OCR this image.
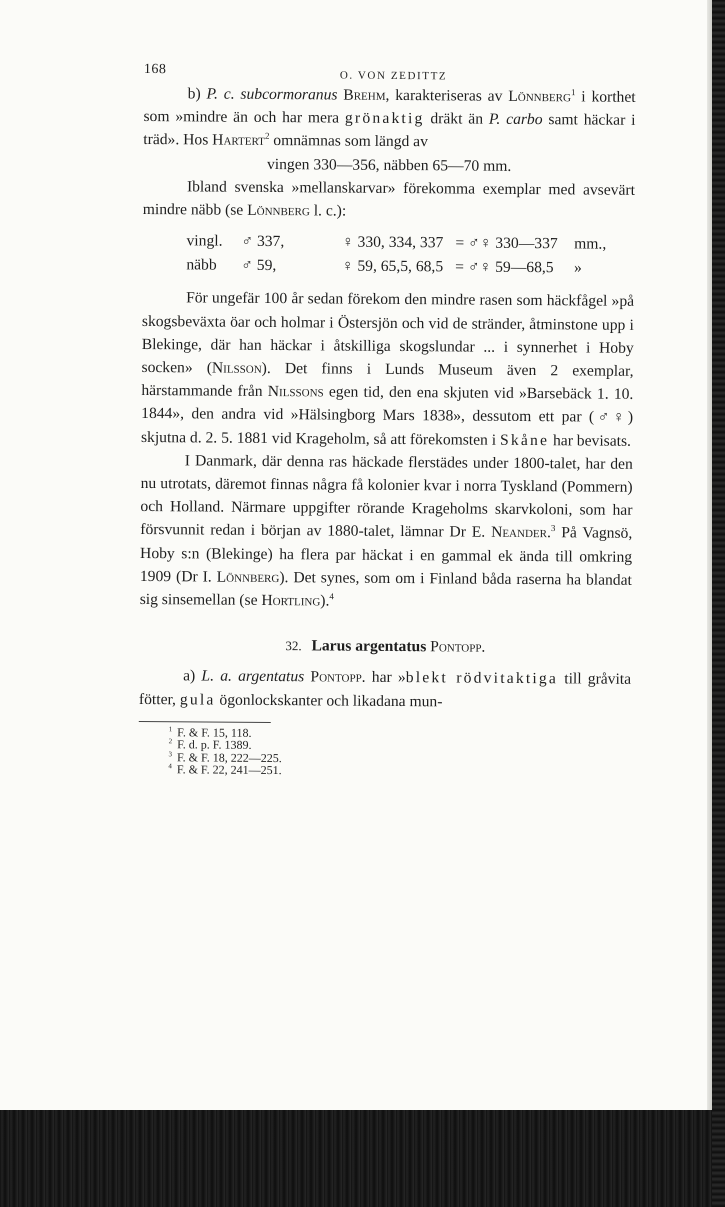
168	O. VON ZEDITTZ

b) P. c. subcormoranus Brehm, karakteriseras av Lönnberg$^1$ i korthet som »mindre än och har mera grönaktig dräkt än P. carbo samt häckar i träd». Hos Hartert$^2$ omnämnas som längd av

vingen 330—356, näbben 65—70 mm.

Ibland svenska »mellanskarvar» förekomma exemplar med avsevärt mindre näbb (se Lönnberg l. c.):

vingl.	♂ 337,	♀ 330, 334, 337 = ♂♀ 330—337	mm.,
näbb	♂ 59,	♀ 59, 65,5, 68,5 = ♂♀ 59—68,5	»

För ungefär 100 år sedan förekom den mindre rasen som häckfågel »på skogsbeväxta öar och holmar i Östersjön och vid de stränder, åtminstone upp i Blekinge, där han häckar i åtskilliga skogslundar ... i synnerhet i Hoby socken» (Nilsson). Det finns i Lunds Museum även 2 exemplar, härstammande från Nilssons egen tid, den ena skjuten vid »Barsebäck 1. 10. 1844», den andra vid »Hälsingborg Mars 1838», dessutom ett par (♂♀) skjutna d. 2. 5. 1881 vid Krageholm, så att förekomsten i Skåne har bevisats.

I Danmark, där denna ras häckade flerstädes under 1800-talet, har den nu utrotats, däremot finnas några få kolonier kvar i norra Tyskland (Pommern) och Holland. Närmare uppgifter rörande Krageholms skarvkoloni, som har försvunnit redan i början av 1880-talet, lämnar Dr E. Neander.$^3$ På Vagnsö, Hoby s:n (Blekinge) ha flera par häckat i en gammal ek ända till omkring 1909 (Dr I. Lönnberg). Det synes, som om i Finland båda raserna ha blandat sig sinsemellan (se Hortling).$^4$

32. Larus argentatus Pontopp.

a) L. a. argentatus Pontopp. har »blekt rödvitaktiga till gråvita fötter, gula ögonlockskanter och likadana mun-

$^1$ F. & F. 15, 118.
$^2$ F. d. p. F. 1389.
$^3$ F. & F. 18, 222—225.
$^4$ F. & F. 22, 241—251.
